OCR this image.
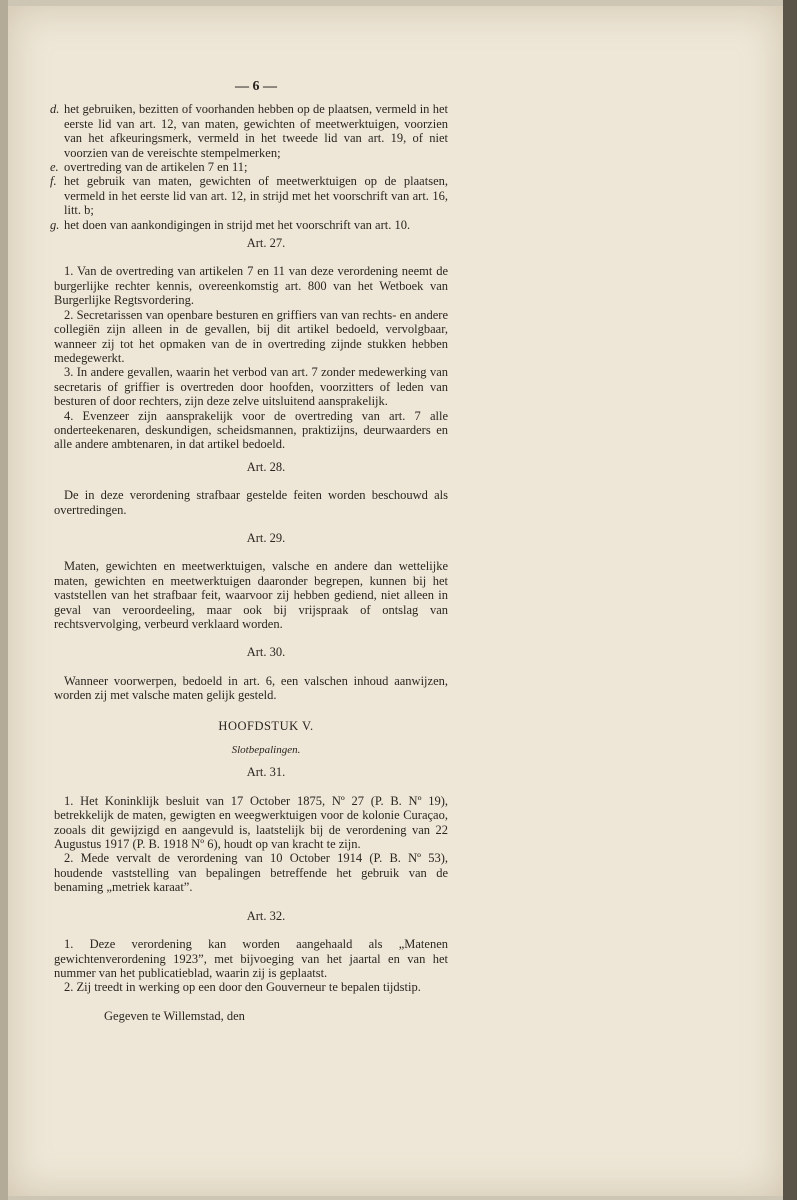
— 6 —
d. het gebruiken, bezitten of voorhanden hebben op de plaatsen, vermeld in het eerste lid van art. 12, van maten, gewichten of meetwerktuigen, voorzien van het afkeuringsmerk, vermeld in het tweede lid van art. 19, of niet voorzien van de vereischte stempelmerken;
e. overtreding van de artikelen 7 en 11;
f. het gebruik van maten, gewichten of meetwerktuigen op de plaatsen, vermeld in het eerste lid van art. 12, in strijd met het voorschrift van art. 16, litt. b;
g. het doen van aankondigingen in strijd met het voorschrift van art. 10.
Art. 27.
1. Van de overtreding van artikelen 7 en 11 van deze verordening neemt de burgerlijke rechter kennis, overeenkomstig art. 800 van het Wetboek van Burgerlijke Regtsvordering.
2. Secretarissen van openbare besturen en griffiers van van rechts- en andere collegiën zijn alleen in de gevallen, bij dit artikel bedoeld, vervolgbaar, wanneer zij tot het opmaken van de in overtreding zijnde stukken hebben medegewerkt.
3. In andere gevallen, waarin het verbod van art. 7 zonder medewerking van secretaris of griffier is overtreden door hoofden, voorzitters of leden van besturen of door rechters, zijn deze zelve uitsluitend aansprakelijk.
4. Evenzeer zijn aansprakelijk voor de overtreding van art. 7 alle onderteekenaren, deskundigen, scheidsmannen, praktizijns, deurwaarders en alle andere ambtenaren, in dat artikel bedoeld.
Art. 28.
De in deze verordening strafbaar gestelde feiten worden beschouwd als overtredingen.
Art. 29.
Maten, gewichten en meetwerktuigen, valsche en andere dan wettelijke maten, gewichten en meetwerktuigen daaronder begrepen, kunnen bij het vaststellen van het strafbaar feit, waarvoor zij hebben gediend, niet alleen in geval van veroordeeling, maar ook bij vrijspraak of ontslag van rechtsvervolging, verbeurd verklaard worden.
Art. 30.
Wanneer voorwerpen, bedoeld in art. 6, een valschen inhoud aanwijzen, worden zij met valsche maten gelijk gesteld.
HOOFDSTUK V.
Slotbepalingen.
Art. 31.
1. Het Koninklijk besluit van 17 October 1875, Nº 27 (P. B. Nº 19), betrekkelijk de maten, gewigten en weegwerktuigen voor de kolonie Curaçao, zooals dit gewijzigd en aangevuld is, laatstelijk bij de verordening van 22 Augustus 1917 (P. B. 1918 Nº 6), houdt op van kracht te zijn.
2. Mede vervalt de verordening van 10 October 1914 (P. B. Nº 53), houdende vaststelling van bepalingen betreffende het gebruik van de benaming „metriek karaat”.
Art. 32.
1. Deze verordening kan worden aangehaald als „Matenen gewichtenverordening 1923”, met bijvoeging van het jaartal en van het nummer van het publicatieblad, waarin zij is geplaatst.
2. Zij treedt in werking op een door den Gouverneur te bepalen tijdstip.
Gegeven te Willemstad, den
